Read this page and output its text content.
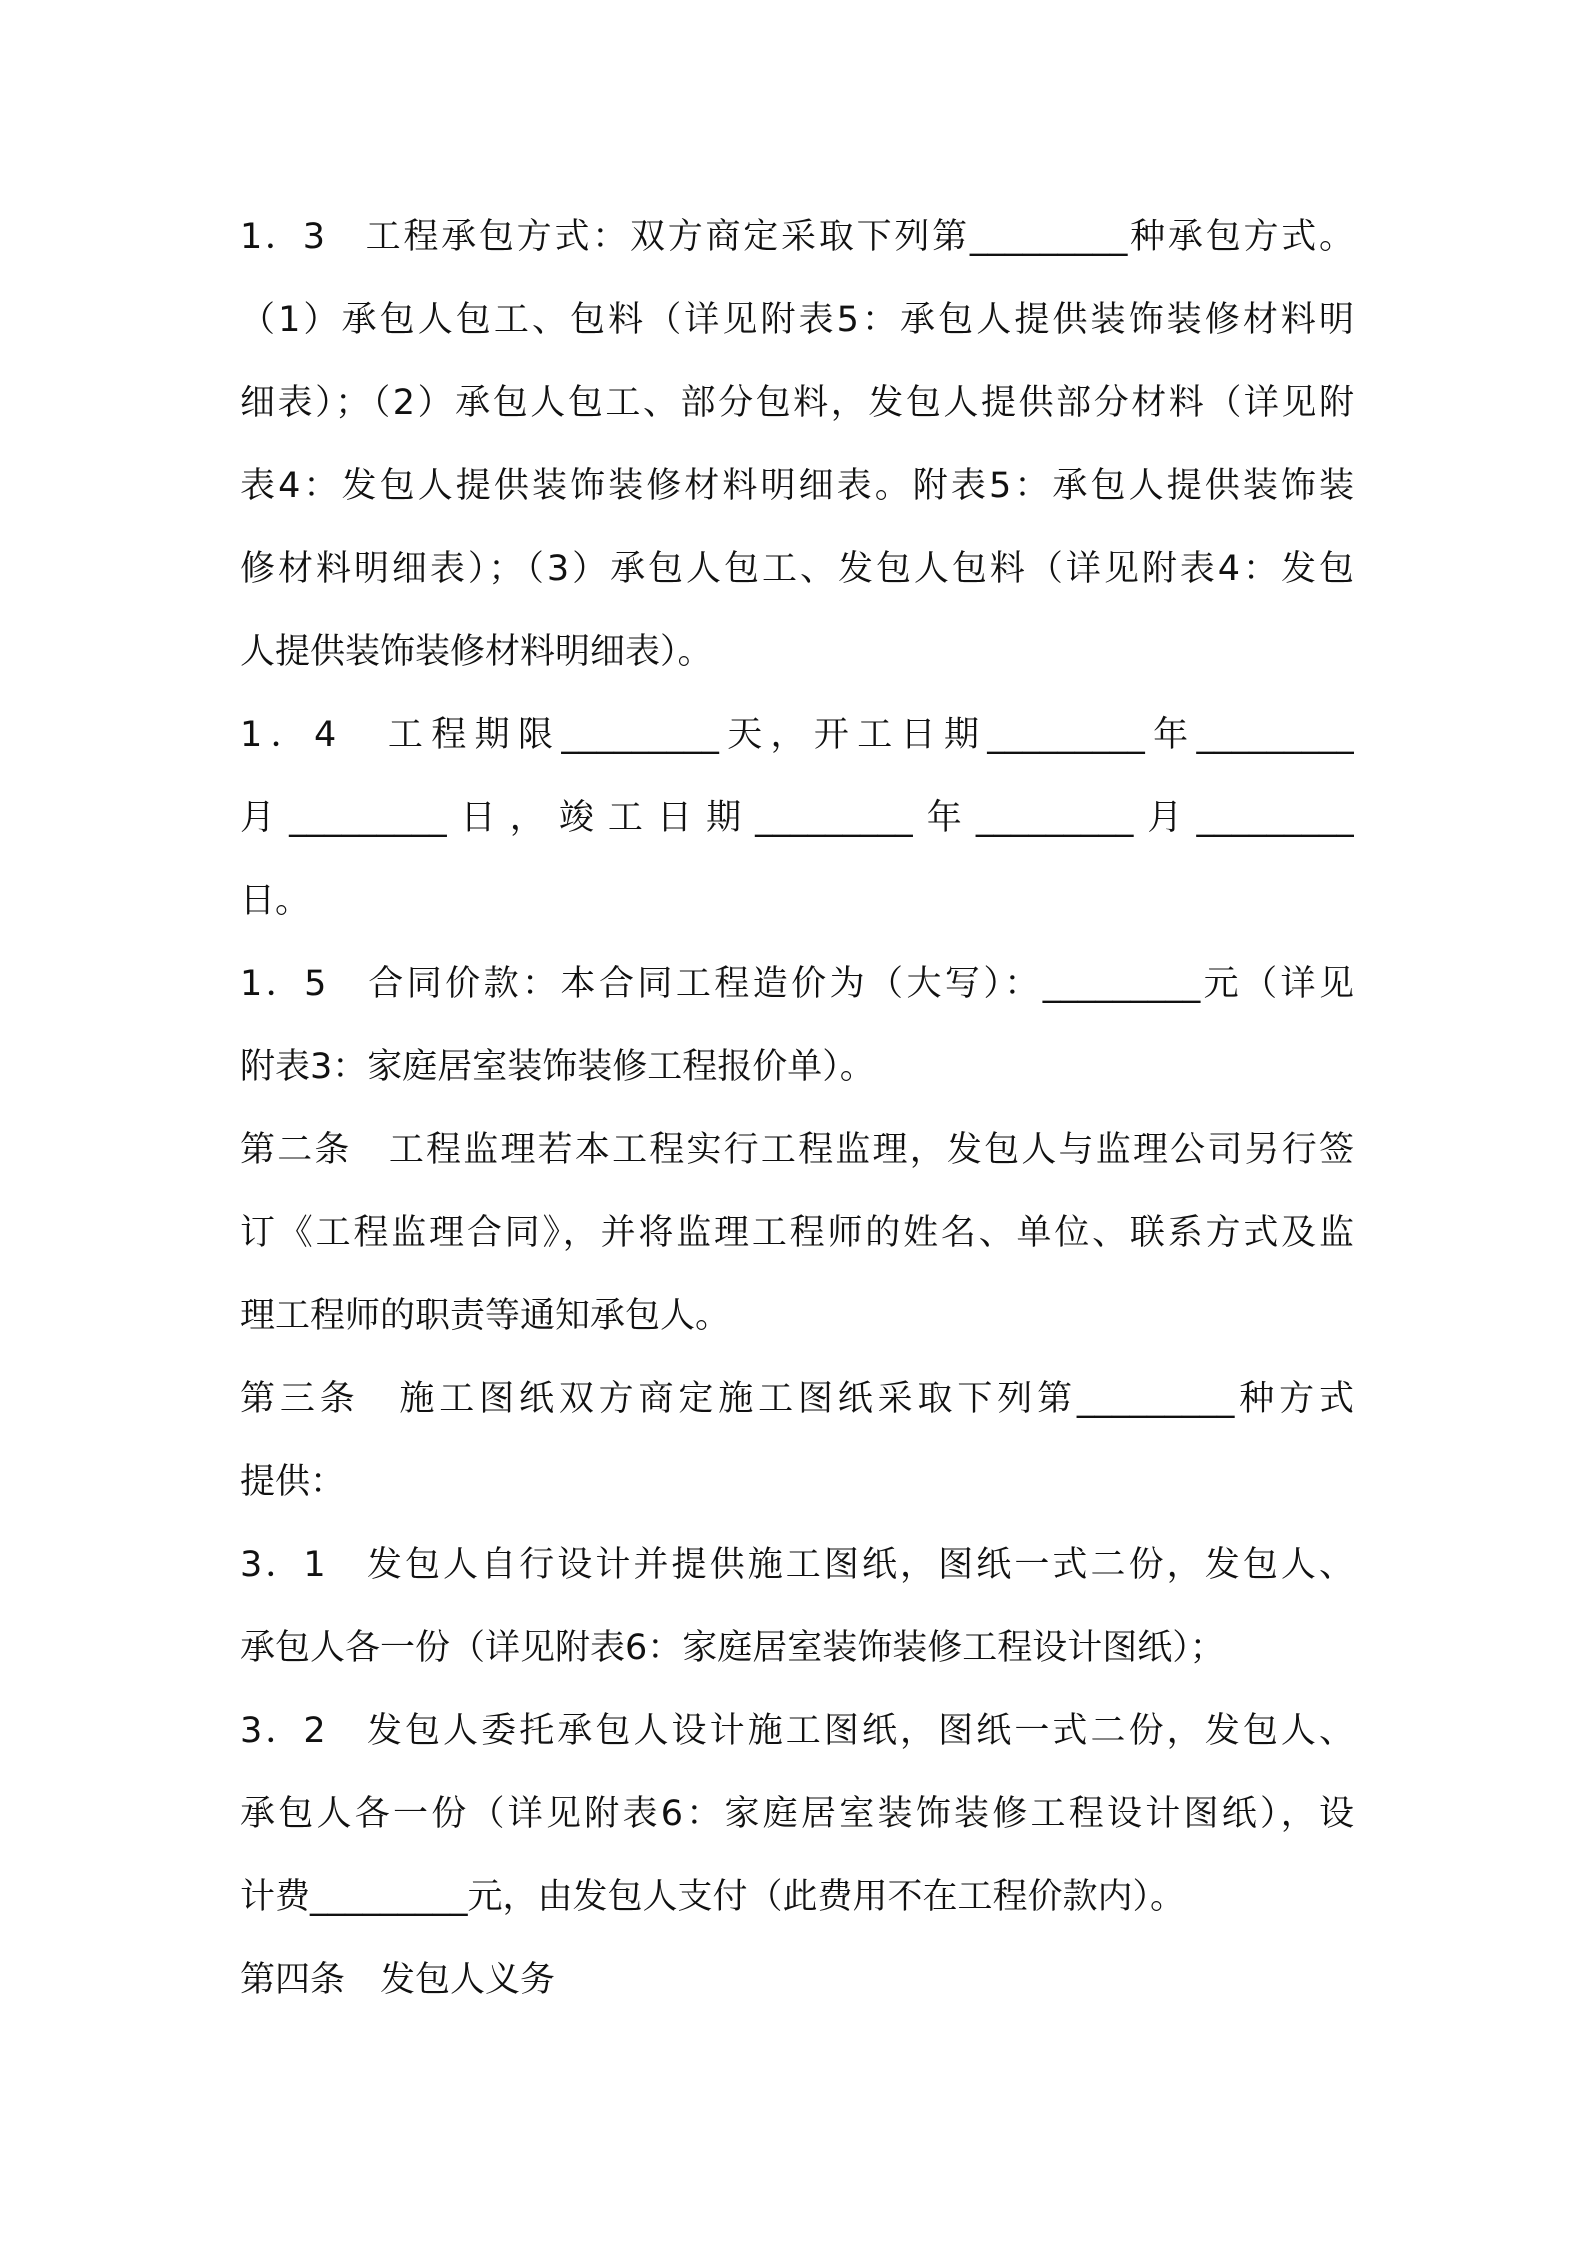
1．3　工程承包方式：双方商定采取下列第_________种承包方式。
（1）承包人包工、包料（详见附表5：承包人提供装饰装修材料明
细表）；（2）承包人包工、部分包料，发包人提供部分材料（详见附
表4：发包人提供装饰装修材料明细表。附表5：承包人提供装饰装
修材料明细表）；（3）承包人包工、发包人包料（详见附表4：发包
人提供装饰装修材料明细表）。
1．4　工程期限_________天，开工日期_________年_________
月_________日，竣工日期_________年_________月_________
日。
1．5　合同价款：本合同工程造价为（大写）：_________元（详见
附表3：家庭居室装饰装修工程报价单）。
第二条　工程监理若本工程实行工程监理，发包人与监理公司另行签
订《工程监理合同》，并将监理工程师的姓名、单位、联系方式及监
理工程师的职责等通知承包人。
第三条　施工图纸双方商定施工图纸采取下列第_________种方式
提供：
3．1　发包人自行设计并提供施工图纸，图纸一式二份，发包人、
承包人各一份（详见附表6：家庭居室装饰装修工程设计图纸）；
3．2　发包人委托承包人设计施工图纸，图纸一式二份，发包人、
承包人各一份（详见附表6：家庭居室装饰装修工程设计图纸），设
计费_________元，由发包人支付（此费用不在工程价款内）。
第四条　发包人义务
